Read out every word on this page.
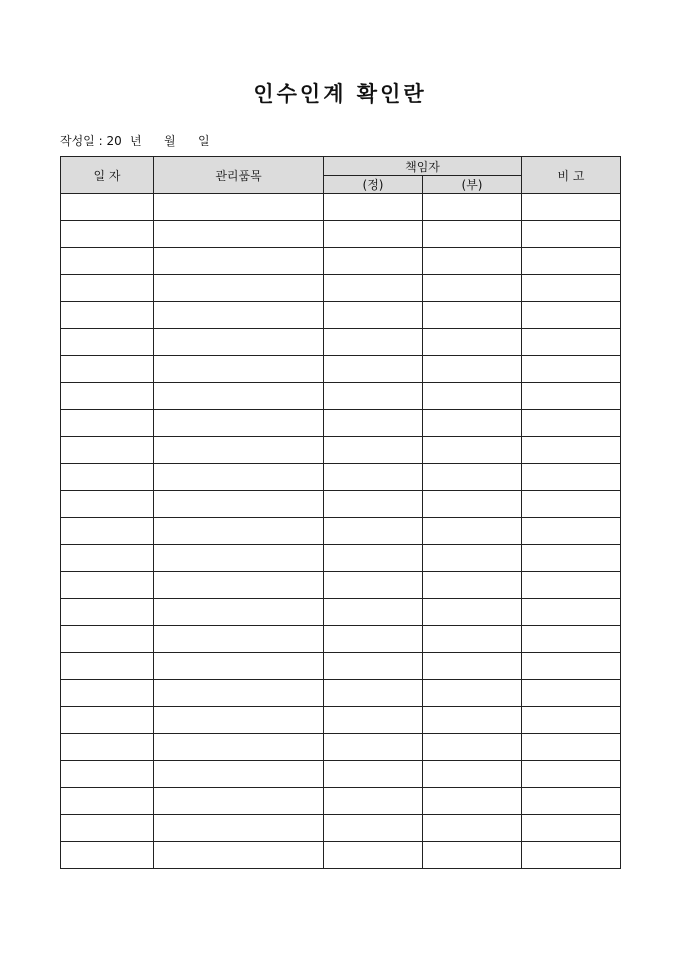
인수인계 확인란
작성일 : 20 년 월 일
일 자	관리품목	책임자		비 고
		(정)	(부)	
